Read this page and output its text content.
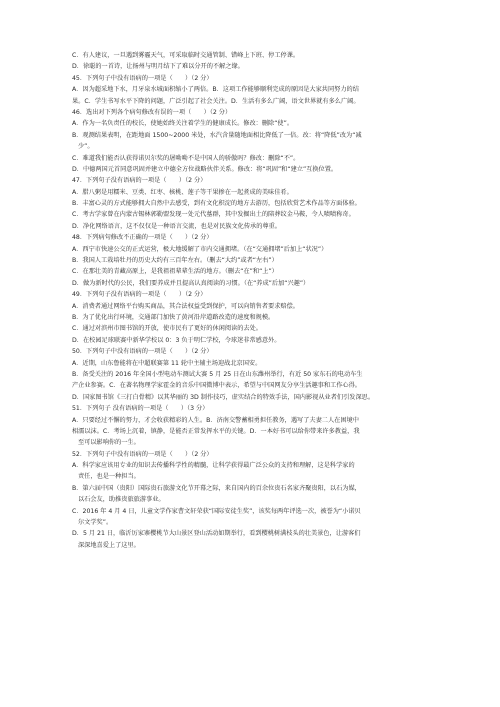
C．有人建议，一旦遇到雾霾天气，可采取临时交通管制、错峰上下班、停工停课。
D．徐聪的一首诗，让扬州与明月结下了难以分开的不解之缘。
45．下列句子中没有语病的一项是（　　）（2 分）
A．因为超采地下水，月牙泉水城面积缩小了两倍。B．这项工作能够顺利完成的原因是大家共同努力的结
果。C．学生书写水平下降的问题，广泛引起了社会关注。D．生活有多么广阔，语文世界就有多么广阔。
46．选出对下列各个病句修改有误的一项（　　）（2 分）
A．作为一名负责任的校长，使她始终关注着学生的健康成长。修改：删除“使”。
B．观测结果表明，在距地面 1500~2000 米处，水汽含量随地面相比降低了一倍。改：将“降低”改为“减
少”。
C．难道我们能否认获得诺贝尔奖的屠呦呦不是中国人的骄傲吗？修改：删除“不”。
D．中德两国元首同意巩固并建立中德全方位战略伙伴关系。修改：将“巩固”和“建立”互换位置。
47．下列句子没有语病的一项是（　　）（2 分）
A．腊八粥是用糯米、豆类、红枣、核桃、莲子等干果掺在一起煮成的美味佳肴。
B．丰富心灵的方式能够拥大自然中去感受，到有文化积淀的地方去游历，包括欣赏艺术作品等方面体验。
C．考古学家曾在内蒙古锡林郭勒盟发现一处元代墓群，其中发掘出土的陪葬纹金马鞍，令人啧啧称奇。
D．净化网络语言，这不仅仅是一种语言交流，也是对民族文化传承的尊重。
48．下列病句修改不正确的一项是（　　）（2 分）
A．西宁市快速公交的正式运营，极大地缓解了市内交通拥堵。（在“交通拥堵”后加上“状况”）
B．我国人工栽培牡丹的历史大约有三百年左右。（删去“大约”或者“左右”）
C．在那壮美的青藏高原上，是我祖祖辈辈生活的地方。（删去“在”和“上”）
D．做为新时代的公民，我们要养成并且提高认真阅读的习惯。（在“养成”后加“兴趣”）
49．下列句子没有语病的一项是（　　）（2 分）
A．消费者通过网络平台购买商品，其合法权益受到保护，可以向销售者要求赔偿。
B．为了优化出行环境，交通部门加快了黄河沿岸道路改造的速度和规模。
C．通过对滨州市图书馆的开放，使市民有了更好的休闲阅读的去处。
D．在校园足球联赛中新华学校以 0：3 负于明仁学校，令球迷非常感意外。
50．下列句子中没有语病的一项是（　　）（2 分）
A．近期，山东鲁能将在中超联赛第 11 轮中主辅主场迎战北京国安。
B．备受关注的 2016 年全国小型电动车测试大赛 5 月 25 日在山东潍州举行，有近 50 家东石的电动车生
产企业参赛。C．在著名物理学家霍金的音乐中国微博中表示，希望与中国网友分享生活趣事和工作心得。
D．国家图书馆《三打白骨精》以其华丽的 3D 制作技巧，虚实结合的特效手法，国内影视从业者们引发深思。
51．下列句子 没有语病的一项是（　　）（3 分）
A．只要经过不懈的努力，才会收获精彩的人生。B．济南交警蓄相勇担任教务，遇写了夫妻二人在困境中
相濡以沫。C．考场上沉着，镇静，是能否正常发挥水平的关键。D．一本好书可以给你带来许多教益，我
至可以影响你的一生。
52．下列句子中没有语病的一项是（　　）（2 分）
A．科学家应该用专业的知识去传播科学性的精髓，让科学获得最广泛公众的支持和理解，这是科学家的
责任，也是一种担当。
B．第六届中国（贵阳）国际贵石旅游文化节开幕之际，来自国内的百余位贵石名家齐聚贵阳，以石为媒，
以石会友，助推贵旅旅游事业。
C．2016 年 4 月 4 日，儿童文学作家曹文轩荣获“国际安徒生奖”，该奖每两年评选一次，被誉为“小诺贝
尔文学奖”。
D．5 月 21 日，临沂厉家寨樱桃节大山景区登山活动如期举行，看到樱桃树满枝头的壮美景色，让游客们
深深地喜爱上了这里。
